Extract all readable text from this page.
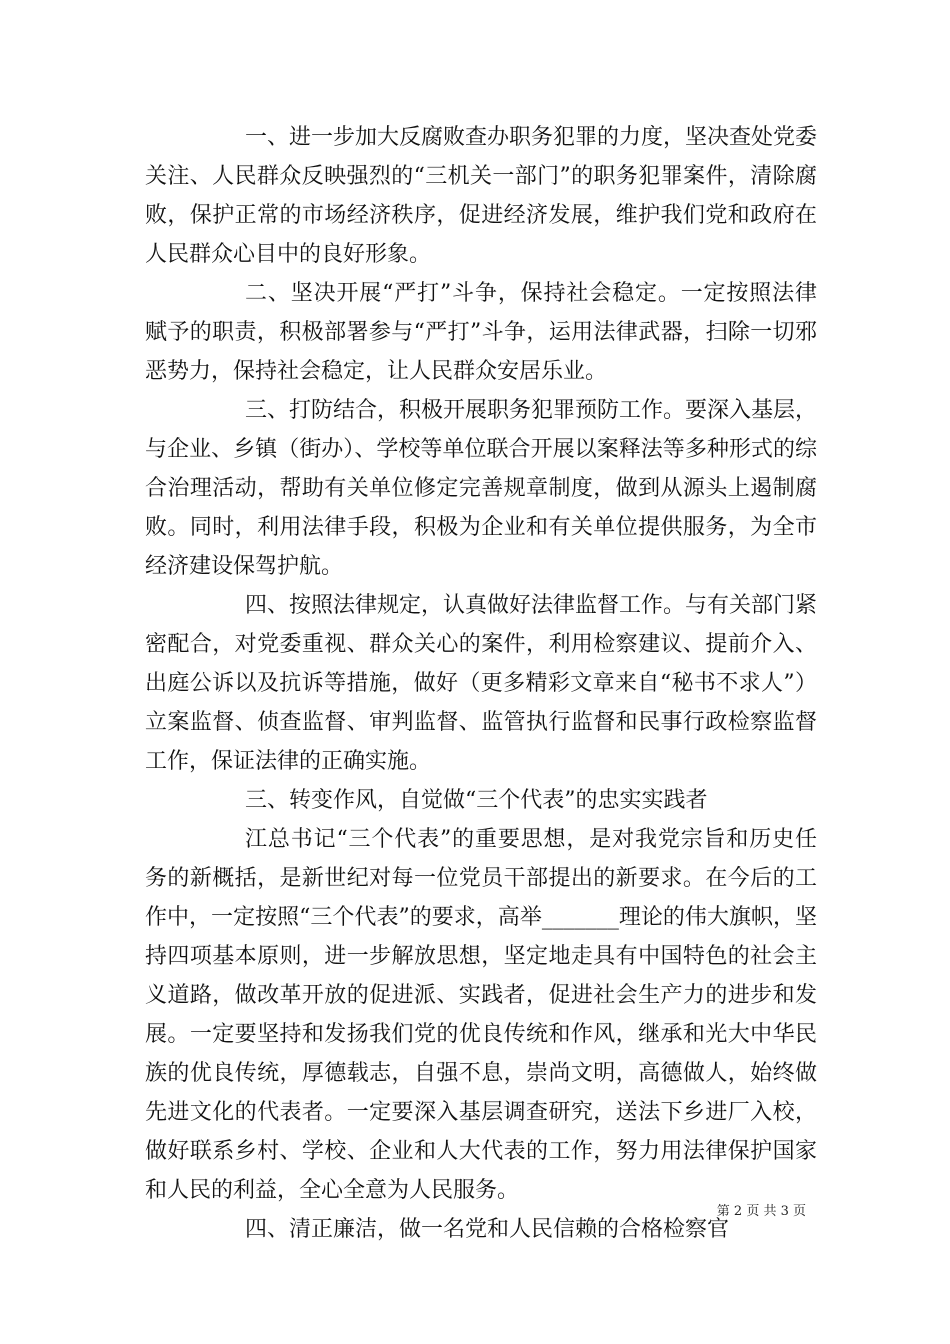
一、进一步加大反腐败查办职务犯罪的力度，坚决查处党委关注、人民群众反映强烈的“三机关一部门”的职务犯罪案件，清除腐败，保护正常的市场经济秩序，促进经济发展，维护我们党和政府在人民群众心目中的良好形象。

二、坚决开展“严打”斗争，保持社会稳定。一定按照法律赋予的职责，积极部署参与“严打”斗争，运用法律武器，扫除一切邪恶势力，保持社会稳定，让人民群众安居乐业。

三、打防结合，积极开展职务犯罪预防工作。要深入基层，与企业、乡镇（街办）、学校等单位联合开展以案释法等多种形式的综合治理活动，帮助有关单位修定完善规章制度，做到从源头上遏制腐败。同时，利用法律手段，积极为企业和有关单位提供服务，为全市经济建设保驾护航。

四、按照法律规定，认真做好法律监督工作。与有关部门紧密配合，对党委重视、群众关心的案件，利用检察建议、提前介入、出庭公诉以及抗诉等措施，做好（更多精彩文章来自“秘书不求人”）立案监督、侦查监督、审判监督、监管执行监督和民事行政检察监督工作，保证法律的正确实施。

三、转变作风，自觉做“三个代表”的忠实实践者

江总书记“三个代表”的重要思想，是对我党宗旨和历史任务的新概括，是新世纪对每一位党员干部提出的新要求。在今后的工作中，一定按照“三个代表”的要求，高举_______理论的伟大旗帜，坚持四项基本原则，进一步解放思想，坚定地走具有中国特色的社会主义道路，做改革开放的促进派、实践者，促进社会生产力的进步和发展。一定要坚持和发扬我们党的优良传统和作风，继承和光大中华民族的优良传统，厚德载志，自强不息，崇尚文明，高德做人，始终做先进文化的代表者。一定要深入基层调查研究，送法下乡进厂入校，做好联系乡村、学校、企业和人大代表的工作，努力用法律保护国家和人民的利益，全心全意为人民服务。

四、清正廉洁，做一名党和人民信赖的合格检察官

第 2 页 共 3 页
